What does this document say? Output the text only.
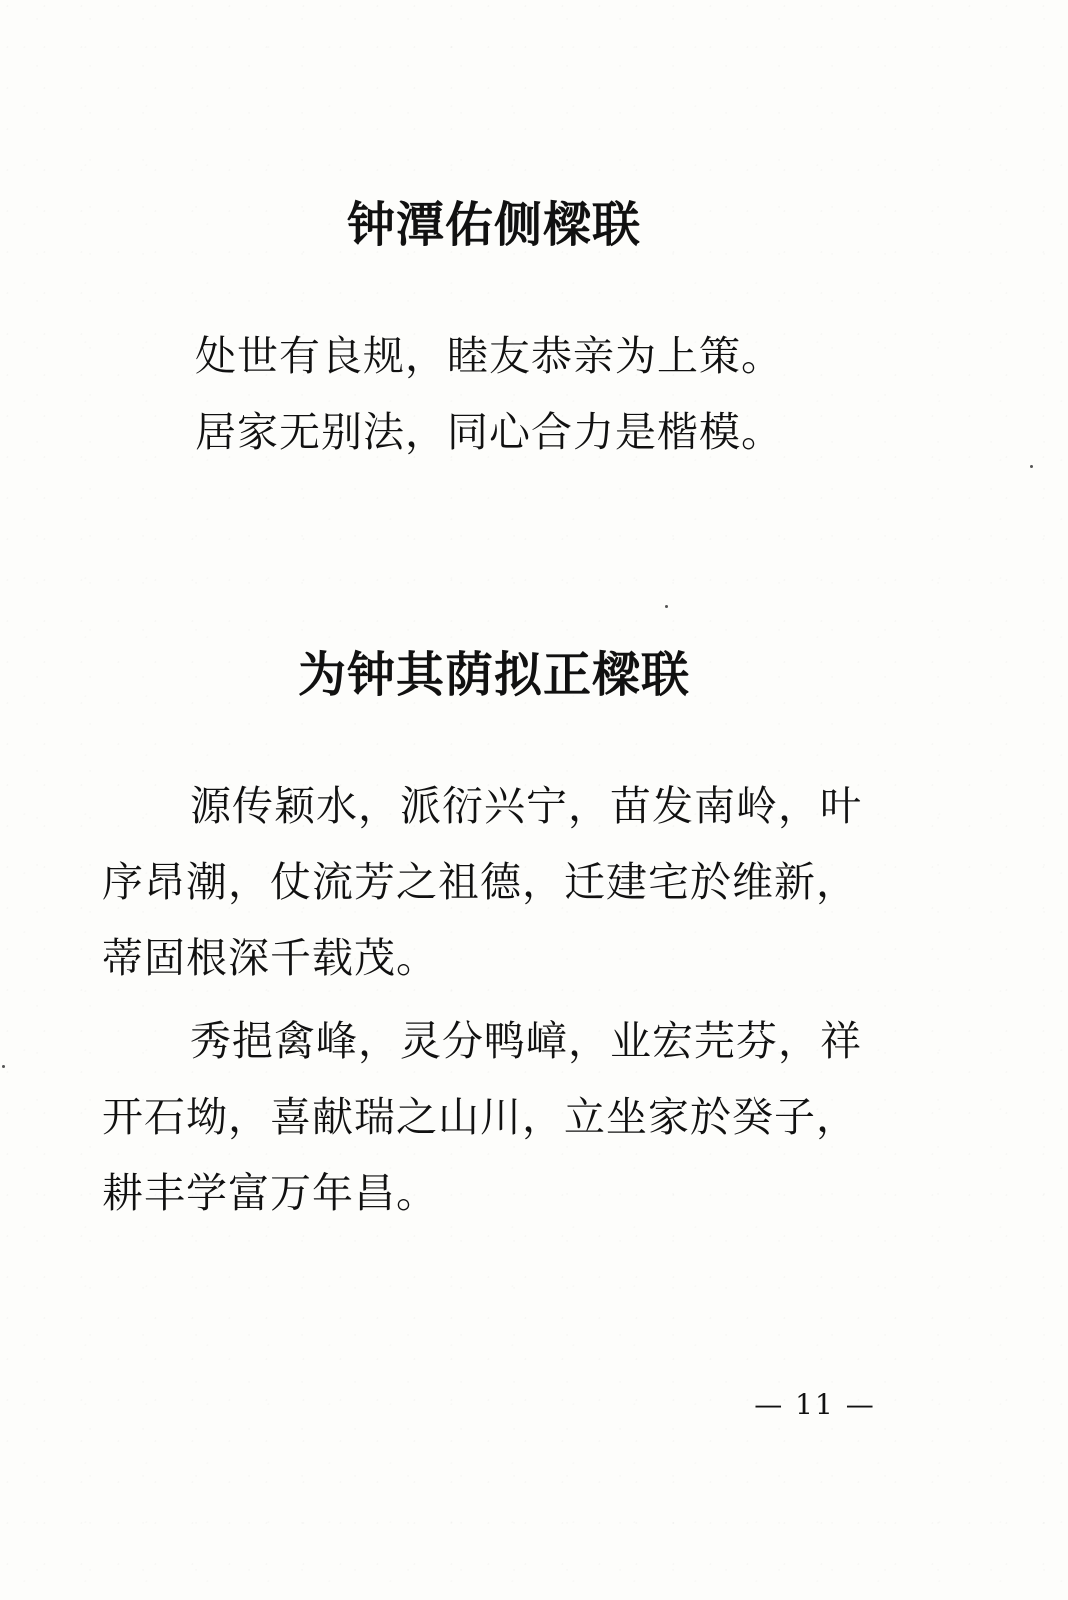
钟潭佑侧樑联
处世有良规，睦友恭亲为上策。
居家无别法，同心合力是楷模。
为钟其荫拟正樑联

源传颖水，派衍兴宁，苗发南岭，叶
序昂潮，仗流芳之祖德，迁建宅於维新，
蒂固根深千载茂。

秀挹禽峰，灵分鸭嶂，业宏芫芬，祥
开石坳，喜献瑞之山川，立坐家於癸子，
耕丰学富万年昌。

— 11 —
